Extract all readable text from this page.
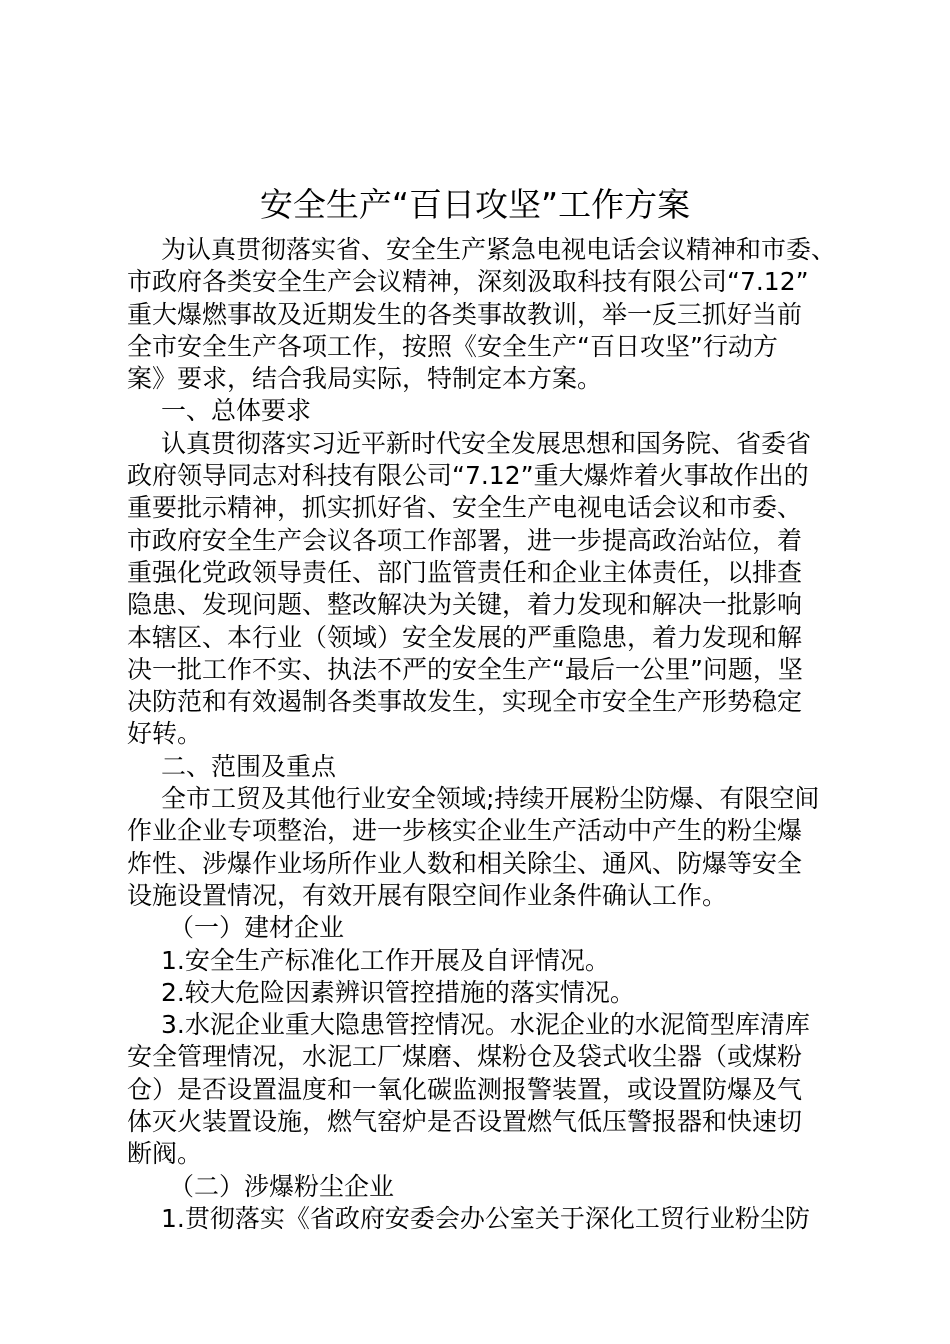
安全生产“百日攻坚”工作方案
为认真贯彻落实省、安全生产紧急电视电话会议精神和市委、
市政府各类安全生产会议精神，深刻汲取科技有限公司“7.12”
重大爆燃事故及近期发生的各类事故教训，举一反三抓好当前
全市安全生产各项工作，按照《安全生产“百日攻坚”行动方
案》要求，结合我局实际，特制定本方案。
一、总体要求
认真贯彻落实习近平新时代安全发展思想和国务院、省委省
政府领导同志对科技有限公司“7.12”重大爆炸着火事故作出的
重要批示精神，抓实抓好省、安全生产电视电话会议和市委、
市政府安全生产会议各项工作部署，进一步提高政治站位，着
重强化党政领导责任、部门监管责任和企业主体责任，以排查
隐患、发现问题、整改解决为关键，着力发现和解决一批影响
本辖区、本行业（领域）安全发展的严重隐患，着力发现和解
决一批工作不实、执法不严的安全生产“最后一公里”问题，坚
决防范和有效遏制各类事故发生，实现全市安全生产形势稳定
好转。
二、范围及重点
全市工贸及其他行业安全领域;持续开展粉尘防爆、有限空间
作业企业专项整治，进一步核实企业生产活动中产生的粉尘爆
炸性、涉爆作业场所作业人数和相关除尘、通风、防爆等安全
设施设置情况，有效开展有限空间作业条件确认工作。
（一）建材企业
1.安全生产标准化工作开展及自评情况。
2.较大危险因素辨识管控措施的落实情况。
3.水泥企业重大隐患管控情况。水泥企业的水泥简型库清库
安全管理情况，水泥工厂煤磨、煤粉仓及袋式收尘器（或煤粉
仓）是否设置温度和一氧化碳监测报警装置，或设置防爆及气
体灭火装置设施，燃气窑炉是否设置燃气低压警报器和快速切
断阀。
（二）涉爆粉尘企业
1.贯彻落实《省政府安委会办公室关于深化工贸行业粉尘防
